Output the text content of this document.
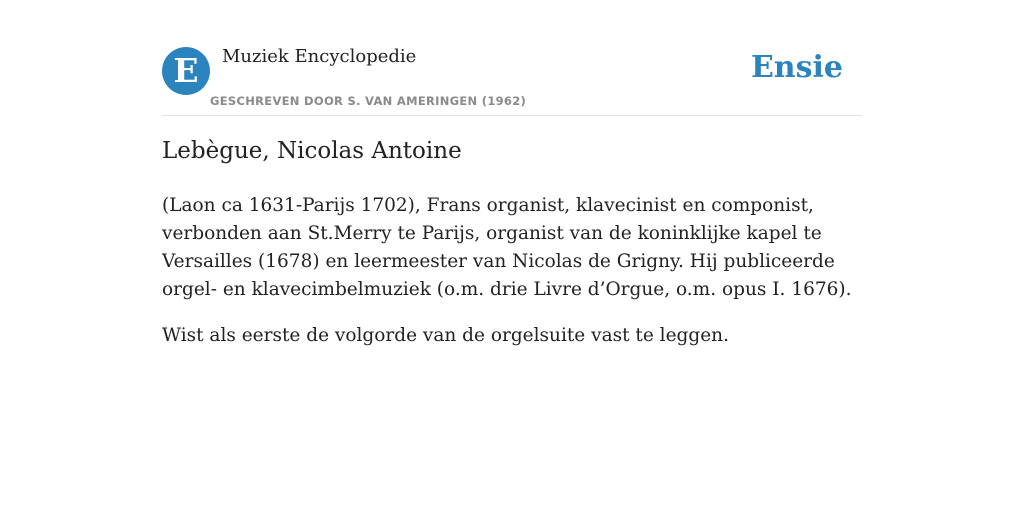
E Muziek Encyclopedie
GESCHREVEN DOOR S. VAN AMERINGEN (1962)
Ensie
Lebègue, Nicolas Antoine

(Laon ca 1631-Parijs 1702), Frans organist, klavecinist en componist, verbonden aan St.Merry te Parijs, organist van de koninklijke kapel te Versailles (1678) en leermeester van Nicolas de Grigny. Hij publiceerde orgel- en klavecimbelmuziek (o.m. drie Livre d’Orgue, o.m. opus I. 1676).

Wist als eerste de volgorde van de orgelsuite vast te leggen.
